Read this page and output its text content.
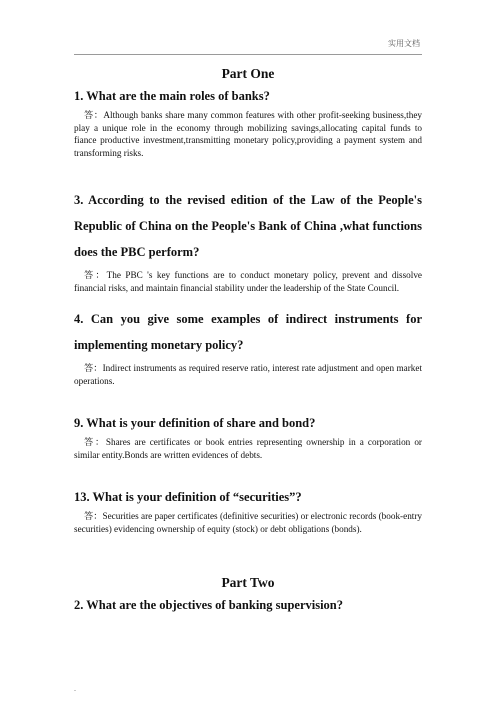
实用文档
Part One
1. What are the main roles of banks?

答：Although banks share many common features with other profit-seeking business,they play a unique role in the economy through mobilizing savings,allocating capital funds to fiance productive investment,transmitting monetary policy,providing a payment system and transforming risks.

3. According to the revised edition of the Law of the People's Republic of China on the People's Bank of China ,what functions does the PBC perform?

答：The PBC 's key functions are to conduct monetary policy, prevent and dissolve financial risks, and maintain financial stability under the leadership of the State Council.

4. Can you give some examples of indirect instruments for implementing monetary policy?

答：Indirect instruments as required reserve ratio, interest rate adjustment and open market operations.

9. What is your definition of share and bond?

答：Shares are certificates or book entries representing ownership in a corporation or similar entity.Bonds are written evidences of debts.

13. What is your definition of “securities”?

答：Securities are paper certificates (definitive securities) or electronic records (book-entry securities) evidencing ownership of equity (stock) or debt obligations (bonds).

Part Two
2. What are the objectives of banking supervision?
.
